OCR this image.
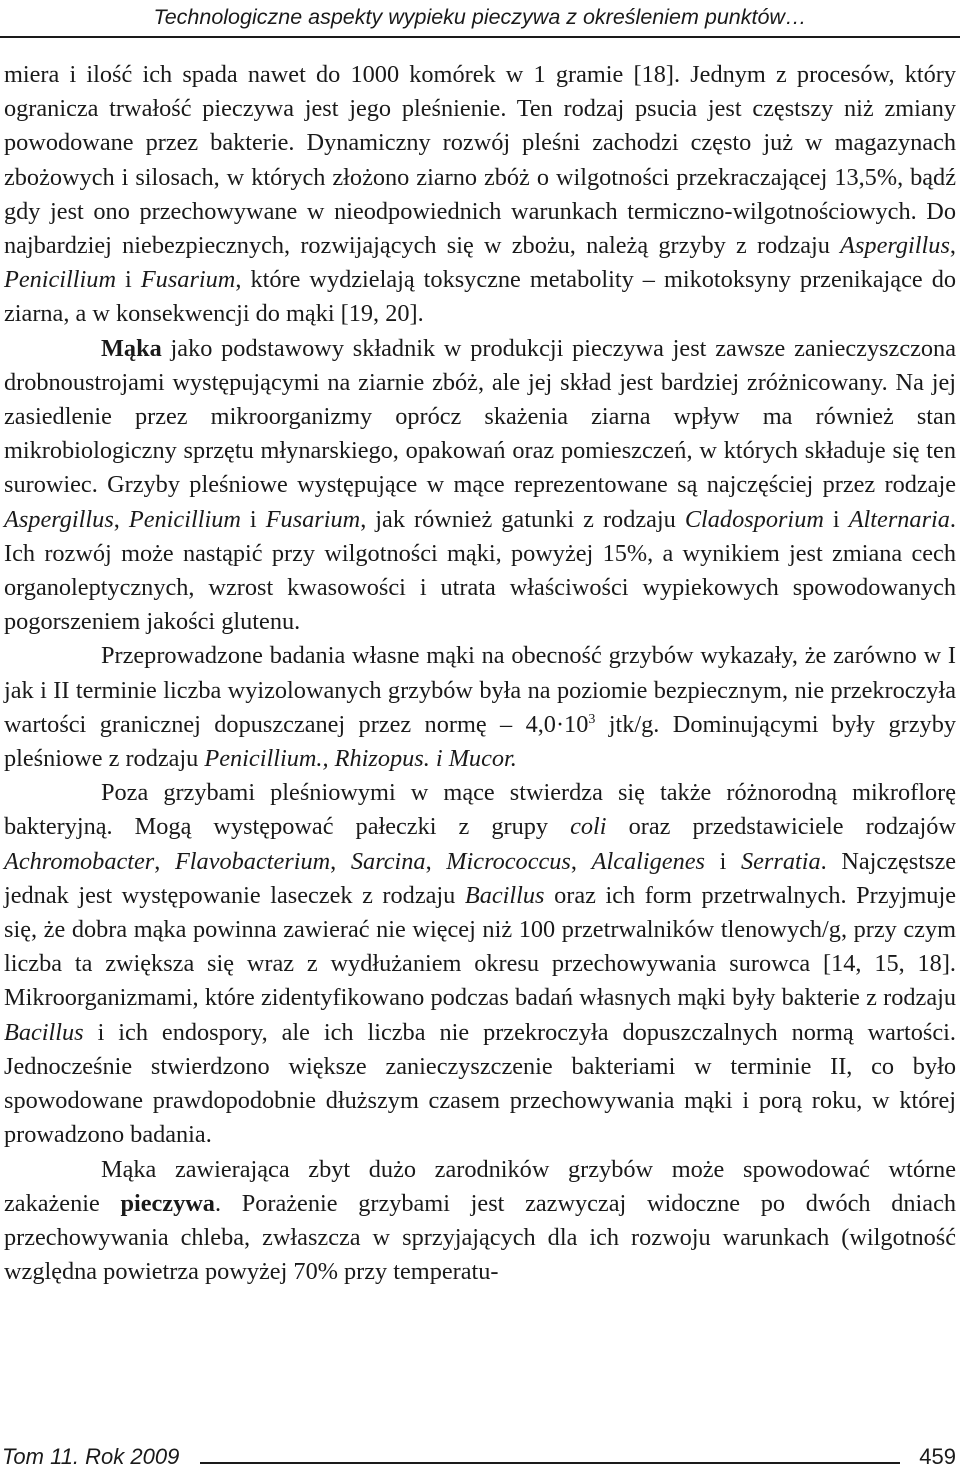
Technologiczne aspekty wypieku pieczywa z określeniem punktów…

miera i ilość ich spada nawet do 1000 komórek w 1 gramie [18]. Jednym z procesów, który ogranicza trwałość pieczywa jest jego pleśnienie. Ten rodzaj psucia jest częstszy niż zmiany powodowane przez bakterie. Dynamiczny rozwój pleśni zachodzi często już w magazynach zbożowych i silosach, w których złożono ziarno zbóż o wilgotności przekraczającej 13,5%, bądź gdy jest ono przechowywane w nieodpowiednich warunkach termiczno-wilgotnościowych. Do najbardziej niebezpiecznych, rozwijających się w zbożu, należą grzyby z rodzaju Aspergillus, Penicillium i Fusarium, które wydzielają toksyczne metabolity – mikotoksyny przenikające do ziarna, a w konsekwencji do mąki [19, 20].

Mąka jako podstawowy składnik w produkcji pieczywa jest zawsze zanieczyszczona drobnoustrojami występującymi na ziarnie zbóż, ale jej skład jest bardziej zróżnicowany. Na jej zasiedlenie przez mikroorganizmy oprócz skażenia ziarna wpływ ma również stan mikrobiologiczny sprzętu młynarskiego, opakowań oraz pomieszczeń, w których składuje się ten surowiec. Grzyby pleśniowe występujące w mące reprezentowane są najczęściej przez rodzaje Aspergillus, Penicillium i Fusarium, jak również gatunki z rodzaju Cladosporium i Alternaria. Ich rozwój może nastąpić przy wilgotności mąki, powyżej 15%, a wynikiem jest zmiana cech organoleptycznych, wzrost kwasowości i utrata właściwości wypiekowych spowodowanych pogorszeniem jakości glutenu.

Przeprowadzone badania własne mąki na obecność grzybów wykazały, że zarówno w I jak i II terminie liczba wyizolowanych grzybów była na poziomie bezpiecznym, nie przekroczyła wartości granicznej dopuszczanej przez normę – $4,0\cdot 10^3$ jtk/g. Dominującymi były grzyby pleśniowe z rodzaju Penicillium., Rhizopus. i Mucor.

Poza grzybami pleśniowymi w mące stwierdza się także różnorodną mikroflorę bakteryjną. Mogą występować pałeczki z grupy coli oraz przedstawiciele rodzajów Achromobacter, Flavobacterium, Sarcina, Micrococcus, Alcaligenes i Serratia. Najczęstsze jednak jest występowanie laseczek z rodzaju Bacillus oraz ich form przetrwalnych. Przyjmuje się, że dobra mąka powinna zawierać nie więcej niż 100 przetrwalników tlenowych/g, przy czym liczba ta zwiększa się wraz z wydłużaniem okresu przechowywania surowca [14, 15, 18]. Mikroorganizmami, które zidentyfikowano podczas badań własnych mąki były bakterie z rodzaju Bacillus i ich endospory, ale ich liczba nie przekroczyła dopuszczalnych normą wartości. Jednocześnie stwierdzono większe zanieczyszczenie bakteriami w terminie II, co było spowodowane prawdopodobnie dłuższym czasem przechowywania mąki i porą roku, w której prowadzono badania.

Mąka zawierająca zbyt dużo zarodników grzybów może spowodować wtórne zakażenie pieczywa. Porażenie grzybami jest zazwyczaj widoczne po dwóch dniach przechowywania chleba, zwłaszcza w sprzyjających dla ich rozwoju warunkach (wilgotność względna powietrza powyżej 70% przy temperatu-

Tom 11. Rok 2009	459
